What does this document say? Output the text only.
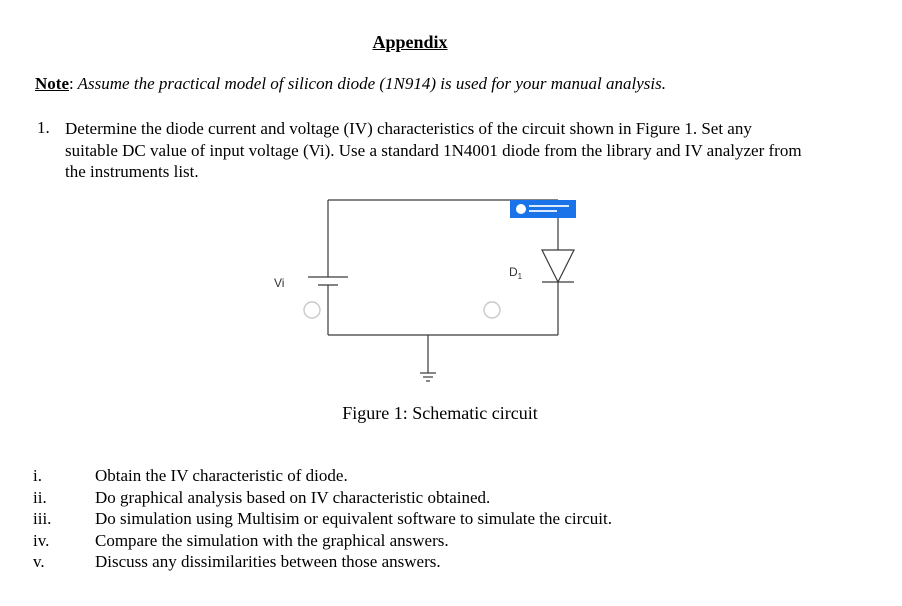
Appendix
Note: Assume the practical model of silicon diode (1N914) is used for your manual analysis.
1. Determine the diode current and voltage (IV) characteristics of the circuit shown in Figure 1. Set any suitable DC value of input voltage (Vi). Use a standard 1N4001 diode from the library and IV analyzer from the instruments list.
Vi
$D_1$
Figure 1: Schematic circuit
i.	Obtain the IV characteristic of diode.
ii.	Do graphical analysis based on IV characteristic obtained.
iii.	Do simulation using Multisim or equivalent software to simulate the circuit.
iv.	Compare the simulation with the graphical answers.
v.	Discuss any dissimilarities between those answers.
